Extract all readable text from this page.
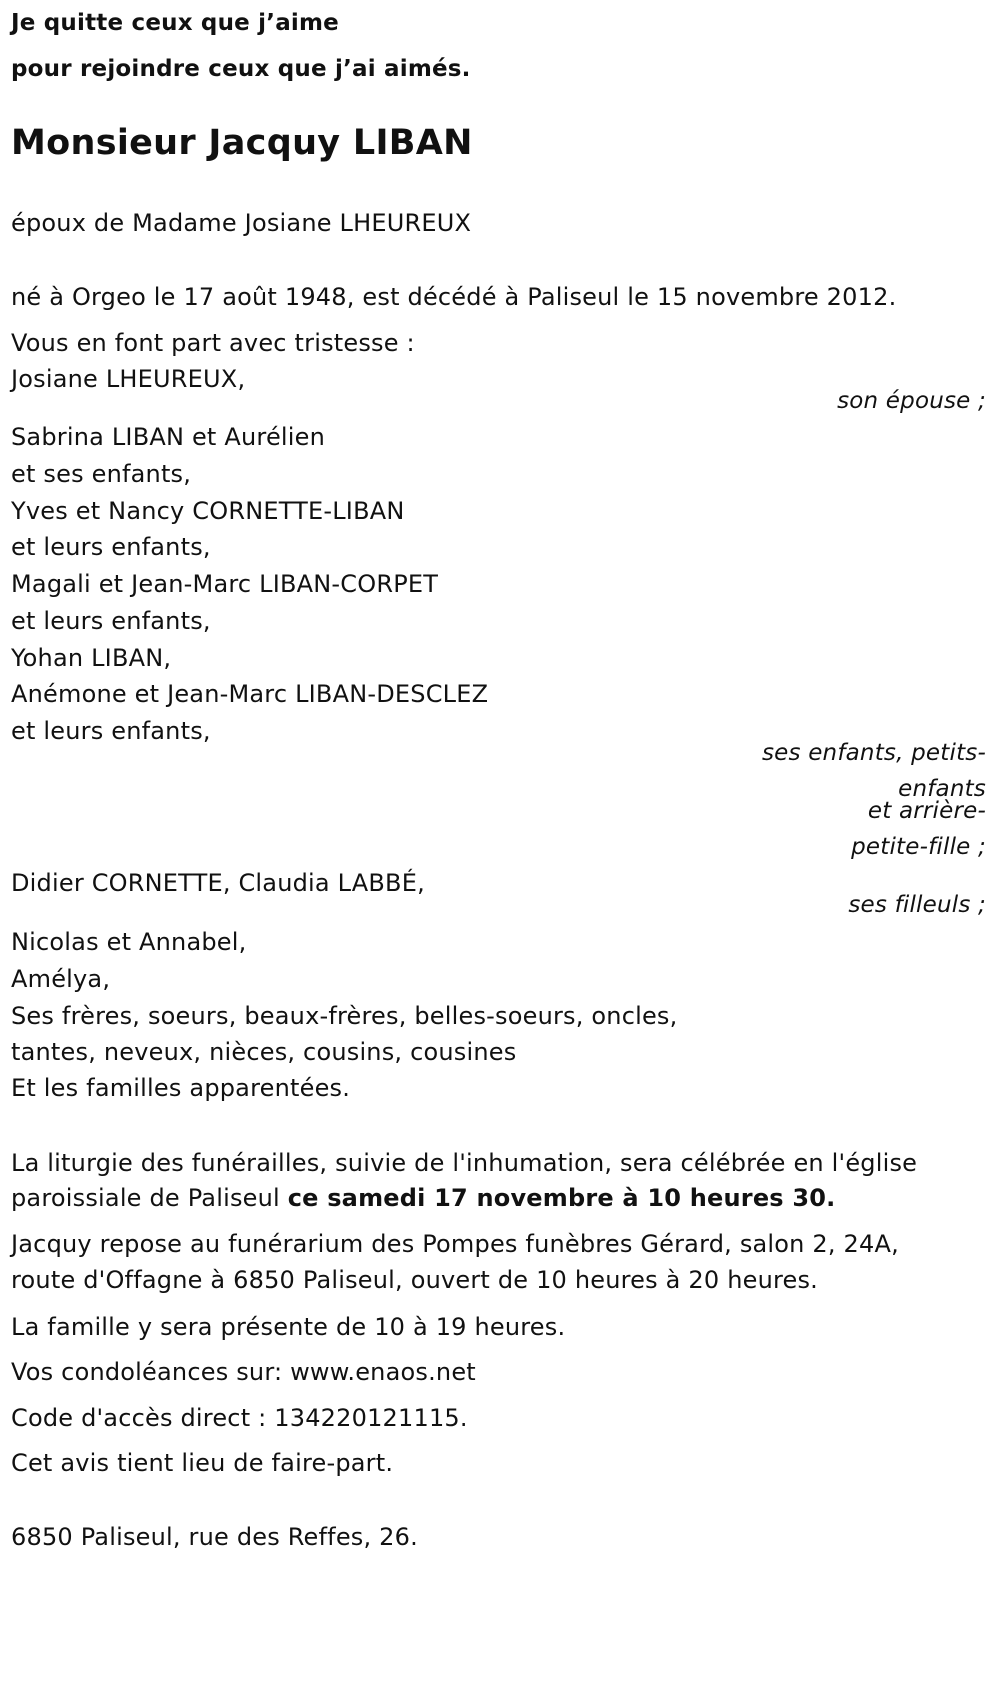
Je quitte ceux que j’aime
pour rejoindre ceux que j’ai aimés.
Monsieur Jacquy LIBAN
époux de Madame Josiane LHEUREUX
né à Orgeo le 17 août 1948, est décédé à Paliseul le 15 novembre 2012.
Vous en font part avec tristesse :
Josiane LHEUREUX,
son épouse ;
Sabrina LIBAN et Aurélien
et ses enfants,
Yves et Nancy CORNETTE-LIBAN
et leurs enfants,
Magali et Jean-Marc LIBAN-CORPET
et leurs enfants,
Yohan LIBAN,
Anémone et Jean-Marc LIBAN-DESCLEZ
et leurs enfants,
ses enfants, petits-
enfants
et arrière-
petite-fille ;
Didier CORNETTE, Claudia LABBÉ,
ses filleuls ;
Nicolas et Annabel,
Amélya,
Ses frères, soeurs, beaux-frères, belles-soeurs, oncles,
tantes, neveux, nièces, cousins, cousines
Et les familles apparentées.
La liturgie des funérailles, suivie de l'inhumation, sera célébrée en l'église
paroissiale de Paliseul ce samedi 17 novembre à 10 heures 30.
Jacquy repose au funérarium des Pompes funèbres Gérard, salon 2, 24A,
route d'Offagne à 6850 Paliseul, ouvert de 10 heures à 20 heures.
La famille y sera présente de 10 à 19 heures.
Vos condoléances sur: www.enaos.net
Code d'accès direct : 134220121115.
Cet avis tient lieu de faire-part.
6850 Paliseul, rue des Reffes, 26.
